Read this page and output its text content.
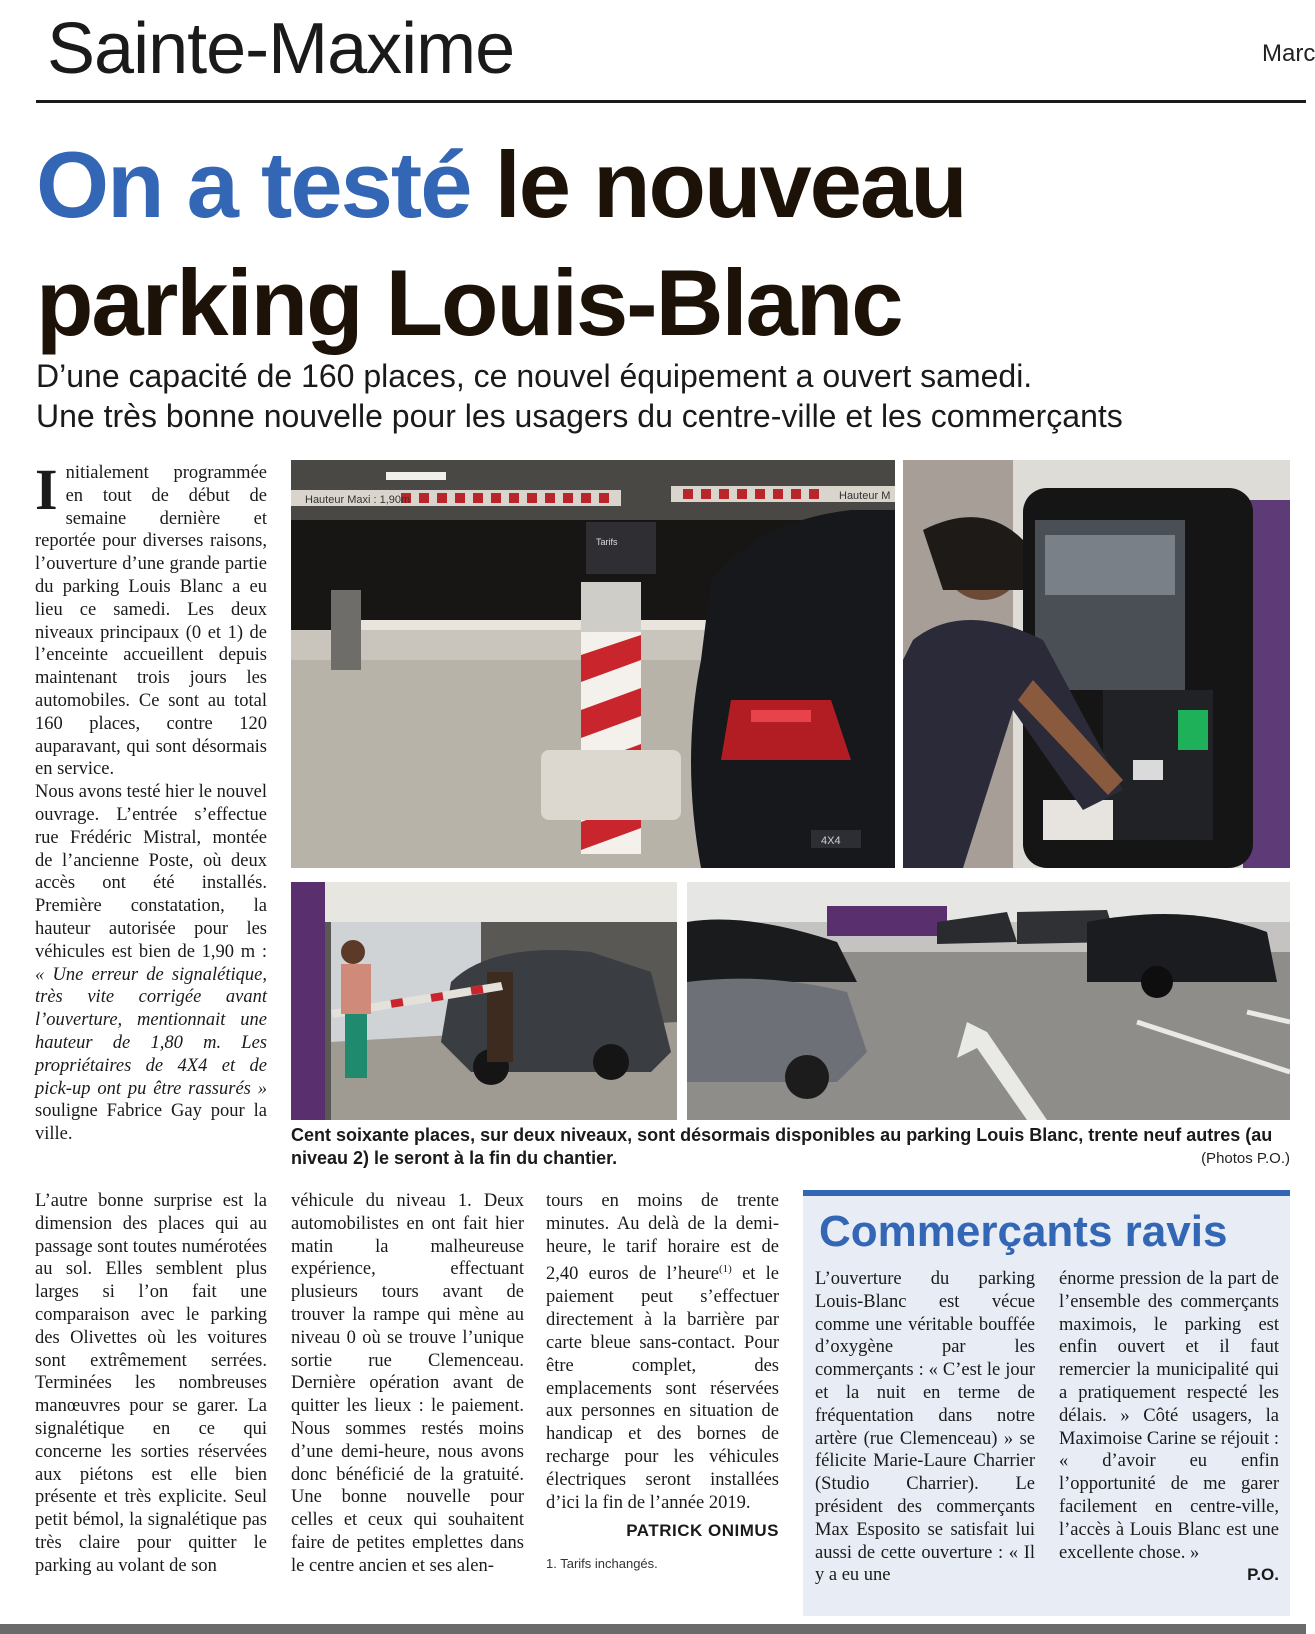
Sainte-Maxime	Marc
On a testé le nouveau parking Louis-Blanc
D’une capacité de 160 places, ce nouvel équipement a ouvert samedi.
Une très bonne nouvelle pour les usagers du centre-ville et les commerçants

Initialement programmée en tout de début de semaine dernière et reportée pour diverses raisons, l’ouverture d’une grande partie du parking Louis Blanc a eu lieu ce samedi. Les deux niveaux principaux (0 et 1) de l’enceinte accueillent depuis maintenant trois jours les automobiles. Ce sont au total 160 places, contre 120 auparavant, qui sont désormais en service.

Nous avons testé hier le nouvel ouvrage. L’entrée s’effectue rue Frédéric Mistral, montée de l’ancienne Poste, où deux accès ont été installés. Première constatation, la hauteur autorisée pour les véhicules est bien de 1,90 m : « Une erreur de signalétique, très vite corrigée avant l’ouverture, mentionnait une hauteur de 1,80 m. Les propriétaires de 4X4 et de pick-up ont pu être rassurés » souligne Fabrice Gay pour la ville.

Hauteur Maxi : 1,90m	Hauteur M
Tarifs
4X4
Cent soixante places, sur deux niveaux, sont désormais disponibles au parking Louis Blanc, trente neuf autres (au niveau 2) le seront à la fin du chantier.	(Photos P.O.)

L’autre bonne surprise est la dimension des places qui au passage sont toutes numérotées au sol. Elles semblent plus larges si l’on fait une comparaison avec le parking des Olivettes où les voitures sont extrêmement serrées. Terminées les nombreuses manœuvres pour se garer. La signalétique en ce qui concerne les sorties réservées aux piétons est elle bien présente et très explicite. Seul petit bémol, la signalétique pas très claire pour quitter le parking au volant de son

véhicule du niveau 1. Deux automobilistes en ont fait hier matin la malheureuse expérience, effectuant plusieurs tours avant de trouver la rampe qui mène au niveau 0 où se trouve l’unique sortie rue Clemenceau. Dernière opération avant de quitter les lieux : le paiement. Nous sommes restés moins d’une demi-heure, nous avons donc bénéficié de la gratuité. Une bonne nouvelle pour celles et ceux qui souhaitent faire de petites emplettes dans le centre ancien et ses alen-

tours en moins de trente minutes. Au delà de la demi-heure, le tarif horaire est de 2,40 euros de l’heure$^{(1)}$ et le paiement peut s’effectuer directement à la barrière par carte bleue sans-contact. Pour être complet, des emplacements sont réservées aux personnes en situation de handicap et des bornes de recharge pour les véhicules électriques seront installées d’ici la fin de l’année 2019.

PATRICK ONIMUS

1. Tarifs inchangés.

Commerçants ravis

L’ouverture du parking Louis-Blanc est vécue comme une véritable bouffée d’oxygène par les commerçants : « C’est le jour et la nuit en terme de fréquentation dans notre artère (rue Clemenceau) » se félicite Marie-Laure Charrier (Studio Charrier). Le président des commerçants Max Esposito se satisfait lui aussi de cette ouverture : « Il y a eu une

énorme pression de la part de l’ensemble des commerçants maximois, le parking est enfin ouvert et il faut remercier la municipalité qui a pratiquement respecté les délais. » Côté usagers, la Maximoise Carine se réjouit : « d’avoir eu enfin l’opportunité de me garer facilement en centre-ville, l’accès à Louis Blanc est une excellente chose. »

P.O.
